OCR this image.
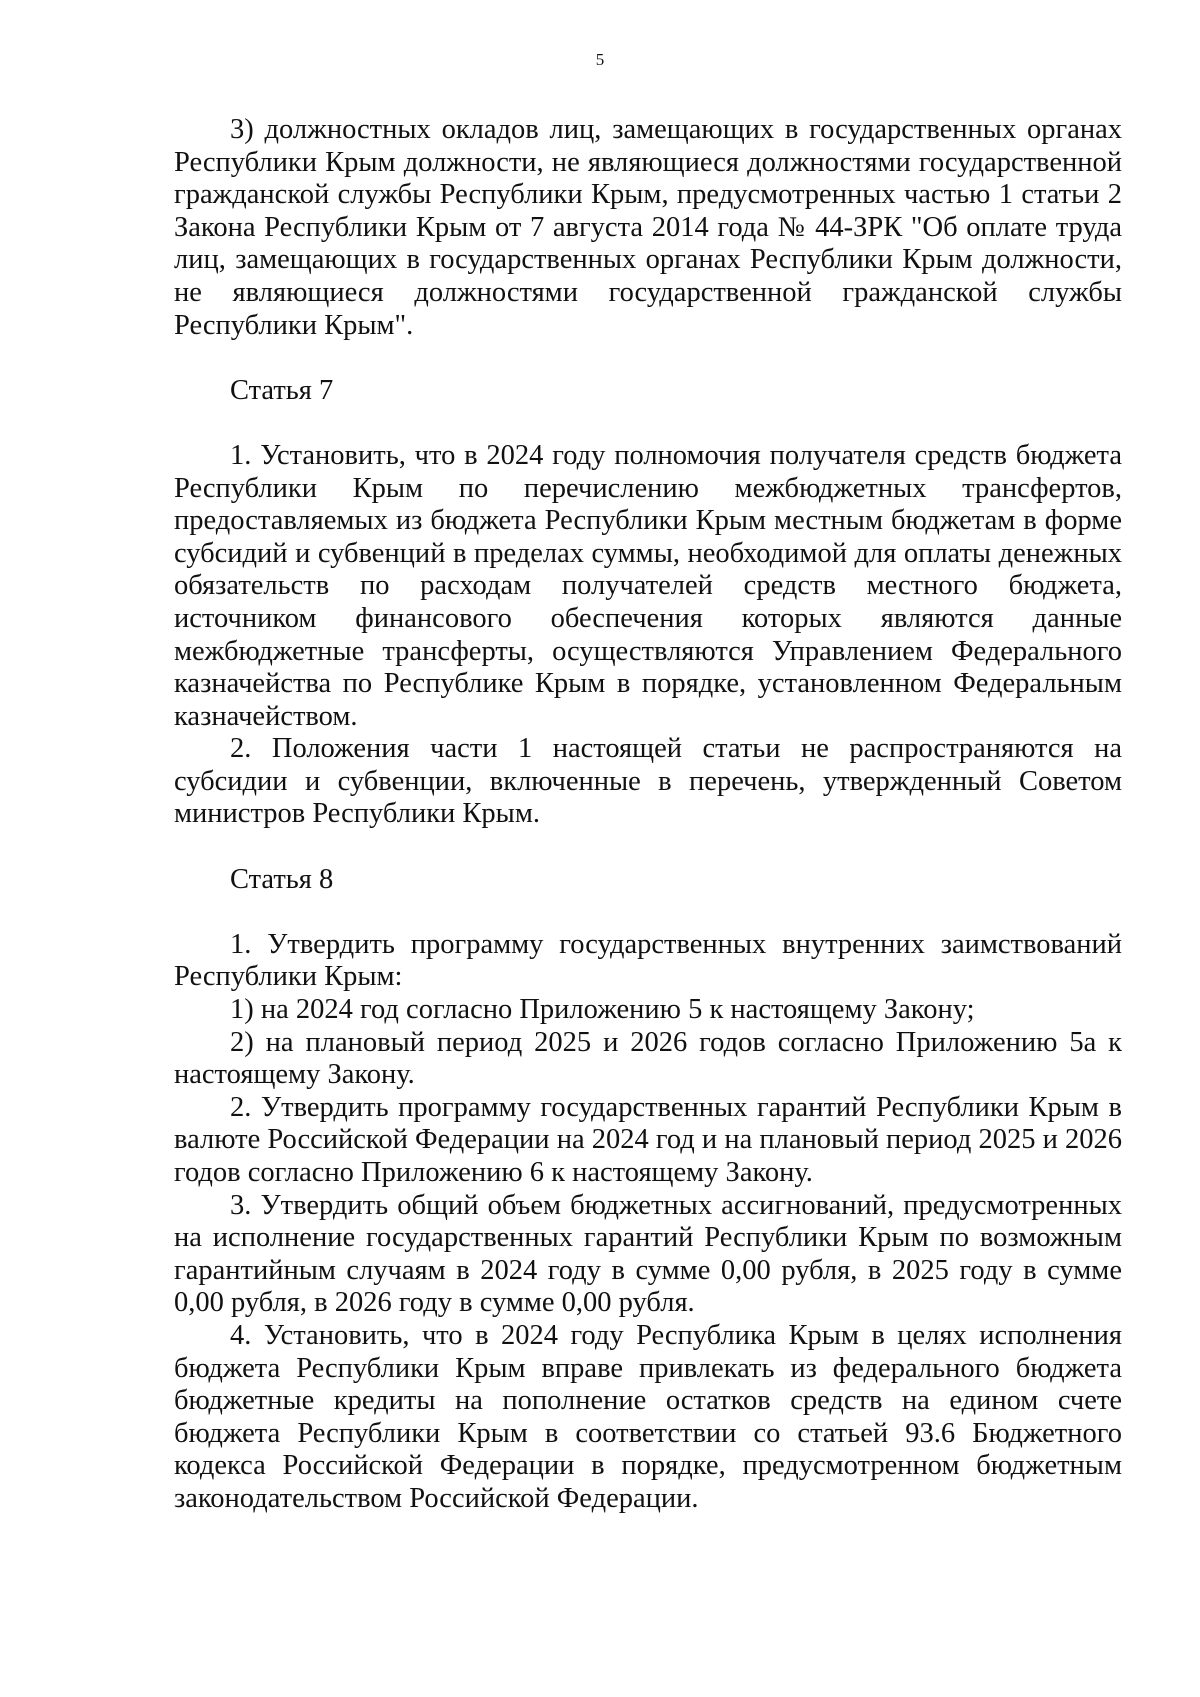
5

3) должностных окладов лиц, замещающих в государственных органах Республики Крым должности, не являющиеся должностями государственной гражданской службы Республики Крым, предусмотренных частью 1 статьи 2 Закона Республики Крым от 7 августа 2014 года № 44-ЗРК "Об оплате труда лиц, замещающих в государственных органах Республики Крым должности, не являющиеся должностями государственной гражданской службы Республики Крым".

Статья 7

1. Установить, что в 2024 году полномочия получателя средств бюджета Республики Крым по перечислению межбюджетных трансфертов, предоставляемых из бюджета Республики Крым местным бюджетам в форме субсидий и субвенций в пределах суммы, необходимой для оплаты денежных обязательств по расходам получателей средств местного бюджета, источником финансового обеспечения которых являются данные межбюджетные трансферты, осуществляются Управлением Федерального казначейства по Республике Крым в порядке, установленном Федеральным казначейством.

2. Положения части 1 настоящей статьи не распространяются на субсидии и субвенции, включенные в перечень, утвержденный Советом министров Республики Крым.

Статья 8

1. Утвердить программу государственных внутренних заимствований Республики Крым:

1) на 2024 год согласно Приложению 5 к настоящему Закону;

2) на плановый период 2025 и 2026 годов согласно Приложению 5а к настоящему Закону.

2. Утвердить программу государственных гарантий Республики Крым в валюте Российской Федерации на 2024 год и на плановый период 2025 и 2026 годов согласно Приложению 6 к настоящему Закону.

3. Утвердить общий объем бюджетных ассигнований, предусмотренных на исполнение государственных гарантий Республики Крым по возможным гарантийным случаям в 2024 году в сумме 0,00 рубля, в 2025 году в сумме 0,00 рубля, в 2026 году в сумме 0,00 рубля.

4. Установить, что в 2024 году Республика Крым в целях исполнения бюджета Республики Крым вправе привлекать из федерального бюджета бюджетные кредиты на пополнение остатков средств на едином счете бюджета Республики Крым в соответствии со статьей 93.6 Бюджетного кодекса Российской Федерации в порядке, предусмотренном бюджетным законодательством Российской Федерации.
